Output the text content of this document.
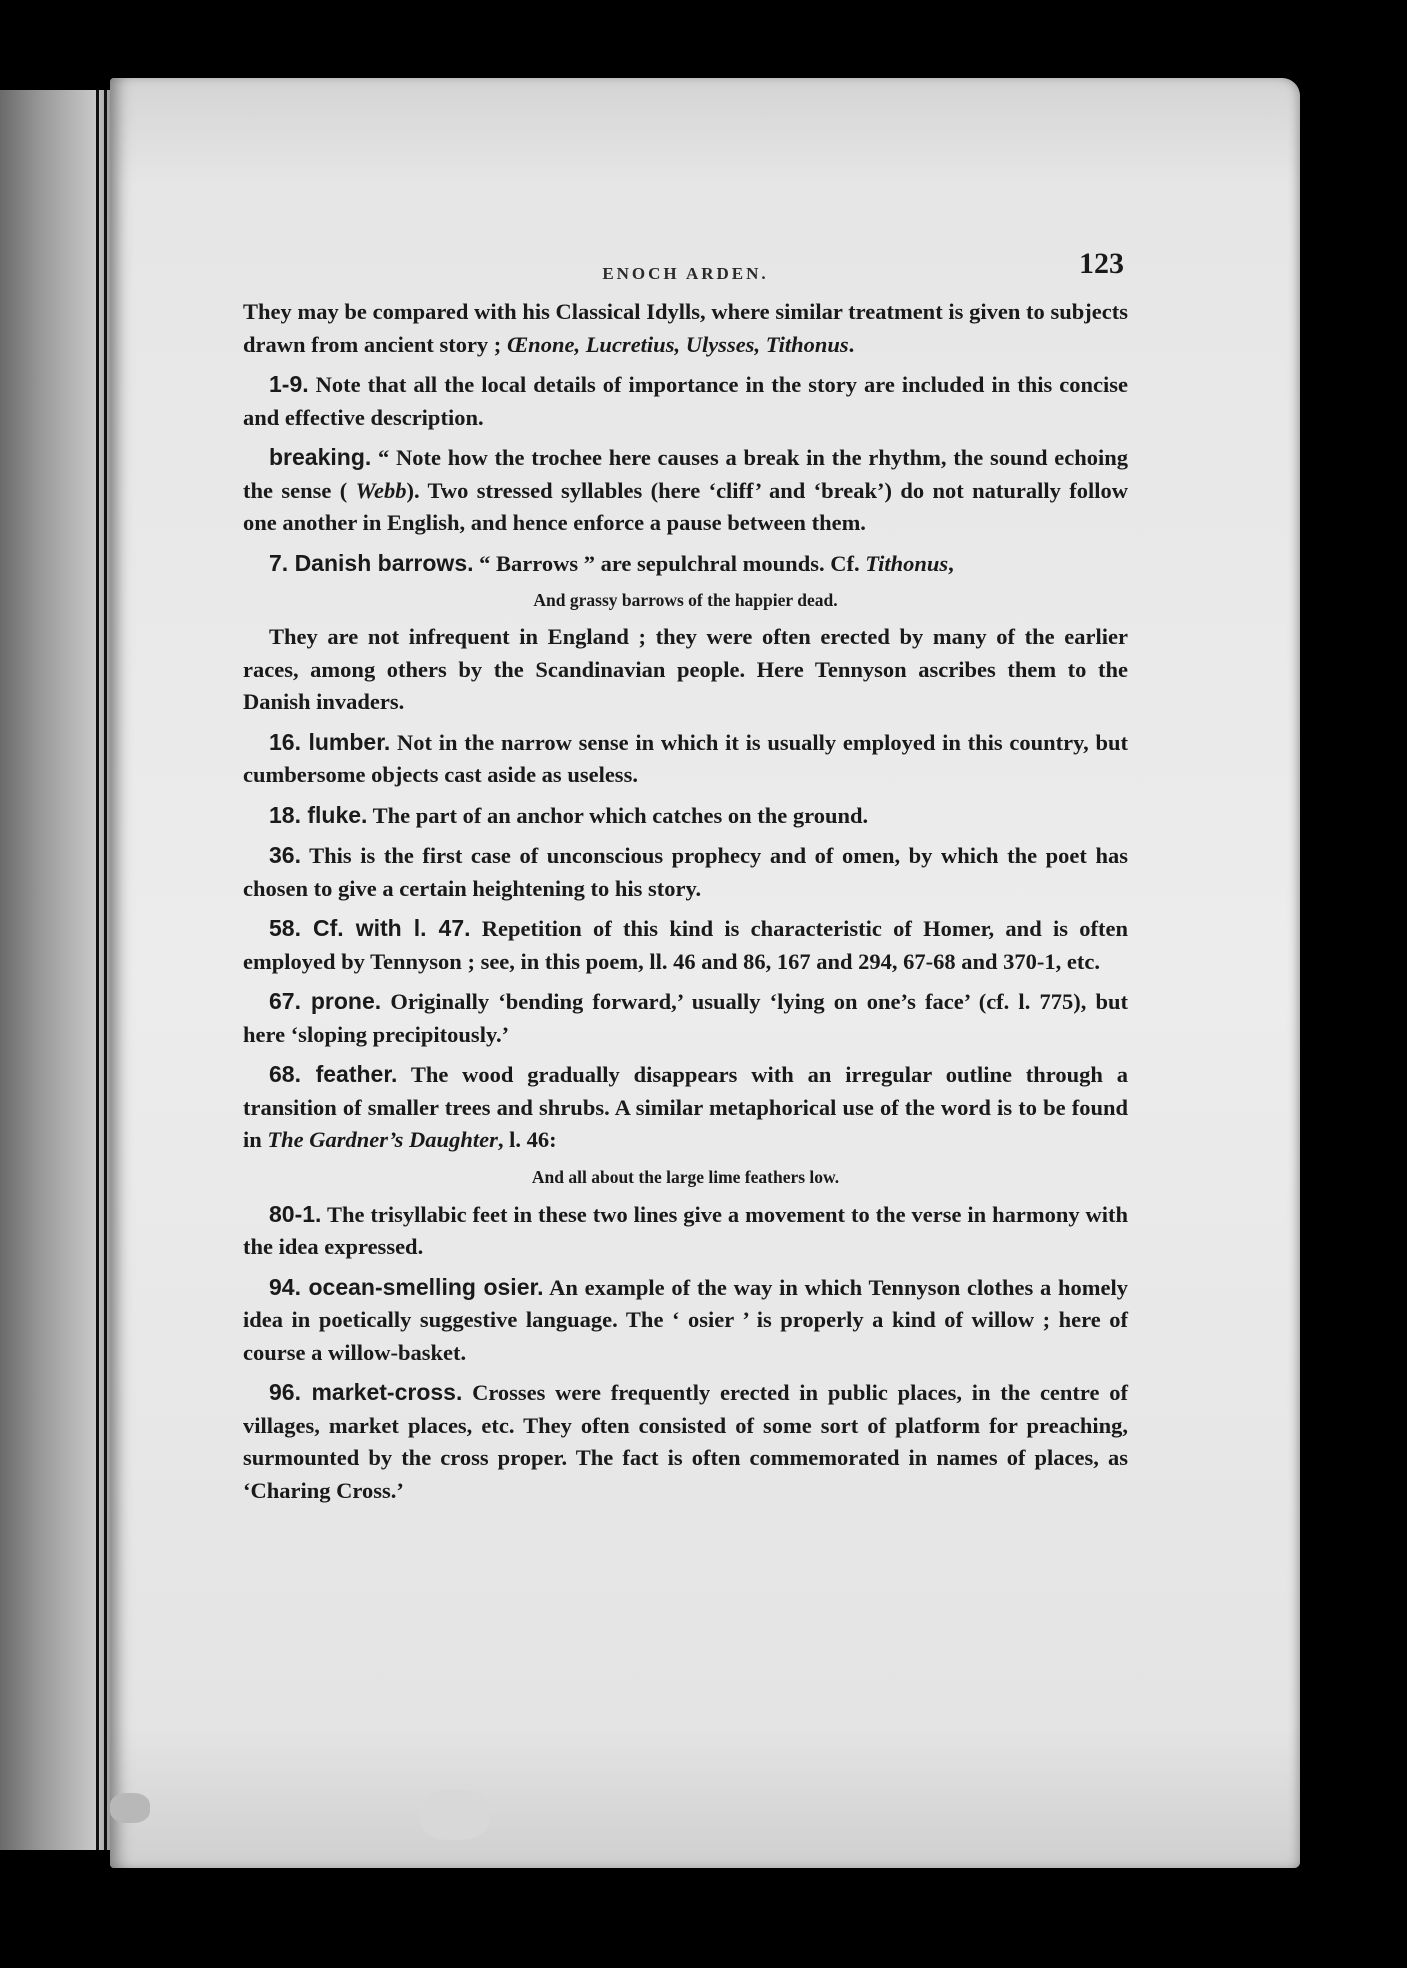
ENOCH ARDEN.	123

They may be compared with his Classical Idylls, where similar treatment is given to subjects drawn from ancient story ; Œnone, Lucretius, Ulysses, Tithonus.

1-9. Note that all the local details of importance in the story are included in this concise and effective description.

breaking. “ Note how the trochee here causes a break in the rhythm, the sound echoing the sense ( Webb). Two stressed syllables (here ‘cliff’ and ‘break’) do not naturally follow one another in English, and hence enforce a pause between them.

7. Danish barrows. “ Barrows ” are sepulchral mounds. Cf. Tithonus,

And grassy barrows of the happier dead.

They are not infrequent in England ; they were often erected by many of the earlier races, among others by the Scandinavian people. Here Tennyson ascribes them to the Danish invaders.

16. lumber. Not in the narrow sense in which it is usually employed in this country, but cumbersome objects cast aside as useless.

18. fluke. The part of an anchor which catches on the ground.

36. This is the first case of unconscious prophecy and of omen, by which the poet has chosen to give a certain heightening to his story.

58. Cf. with l. 47. Repetition of this kind is characteristic of Homer, and is often employed by Tennyson ; see, in this poem, ll. 46 and 86, 167 and 294, 67-68 and 370-1, etc.

67. prone. Originally ‘bending forward,’ usually ‘lying on one’s face’ (cf. l. 775), but here ‘sloping precipitously.’

68. feather. The wood gradually disappears with an irregular outline through a transition of smaller trees and shrubs. A similar metaphorical use of the word is to be found in The Gardner’s Daughter, l. 46:

And all about the large lime feathers low.

80-1. The trisyllabic feet in these two lines give a movement to the verse in harmony with the idea expressed.

94. ocean-smelling osier. An example of the way in which Tennyson clothes a homely idea in poetically suggestive language. The ‘ osier ’ is properly a kind of willow ; here of course a willow-basket.

96. market-cross. Crosses were frequently erected in public places, in the centre of villages, market places, etc. They often consisted of some sort of platform for preaching, surmounted by the cross proper. The fact is often commemorated in names of places, as ‘Charing Cross.’
